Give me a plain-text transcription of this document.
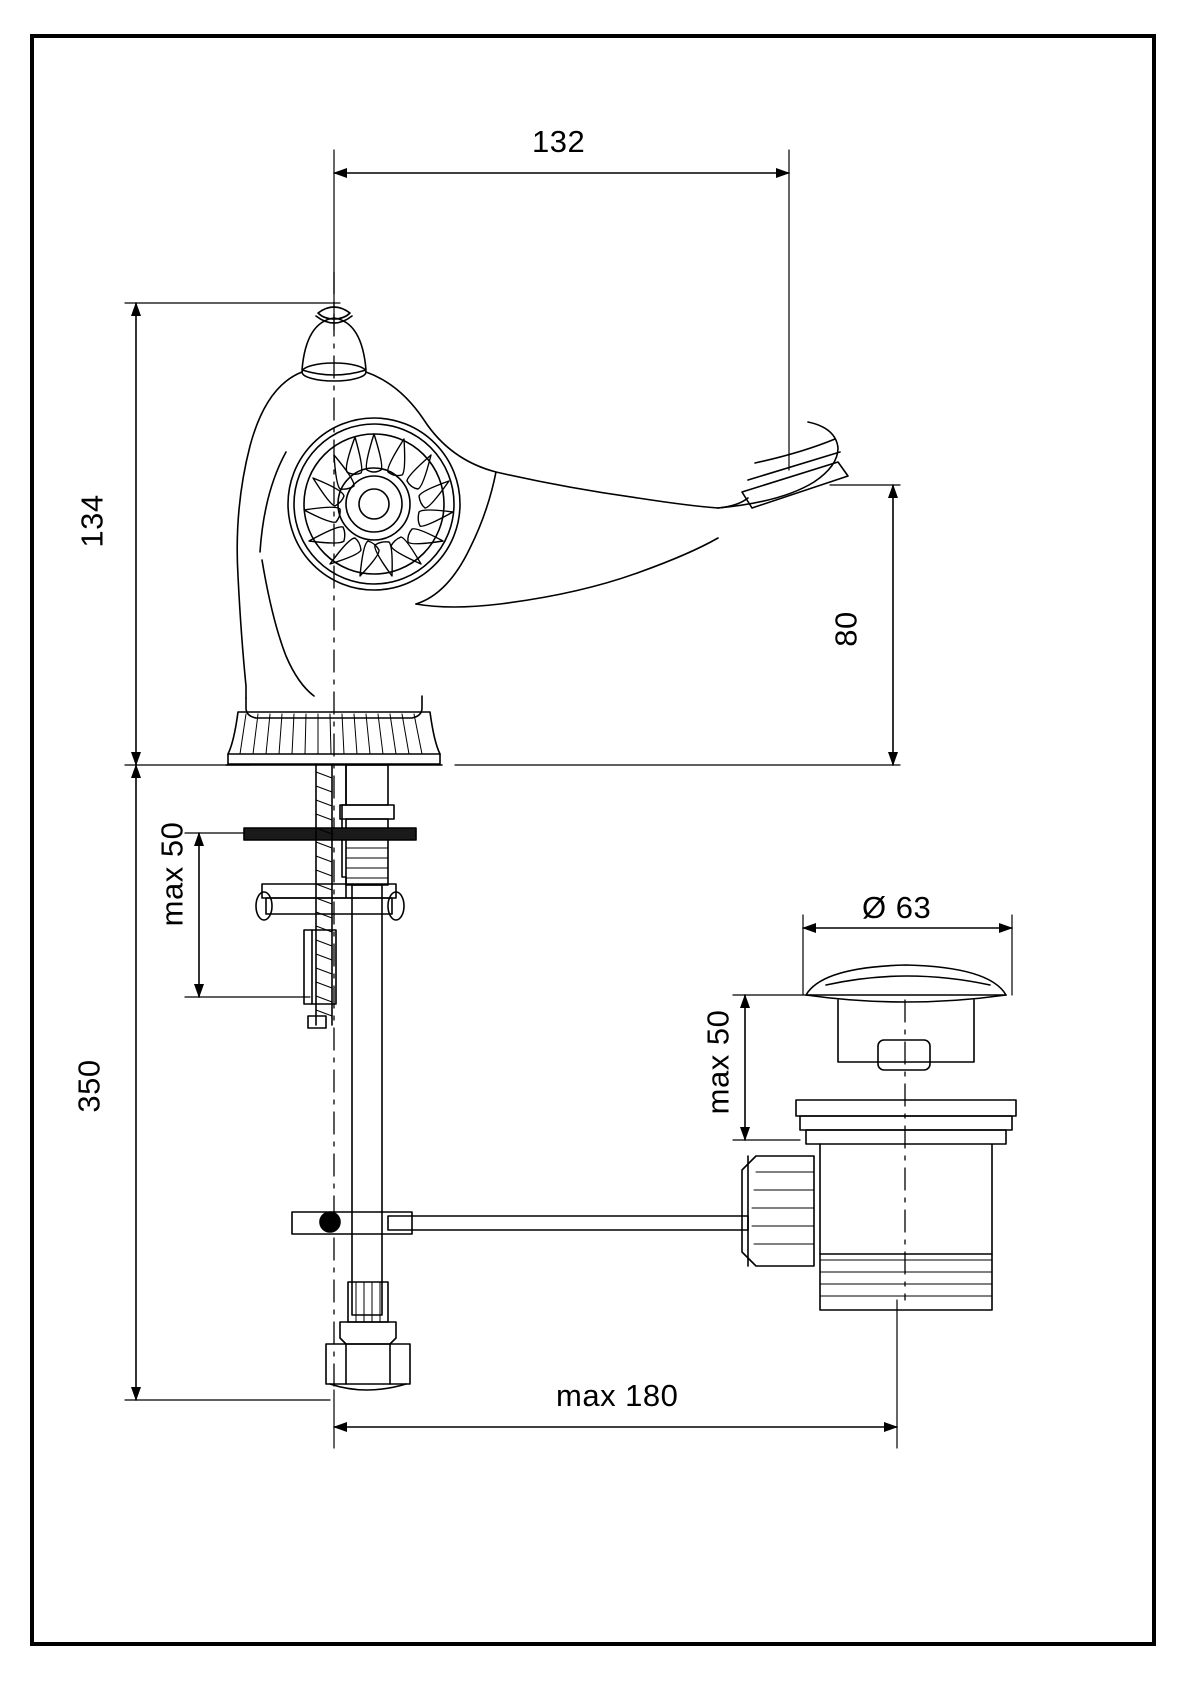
132
134
80
max 50
350
Ø 63
max 50
max 180
